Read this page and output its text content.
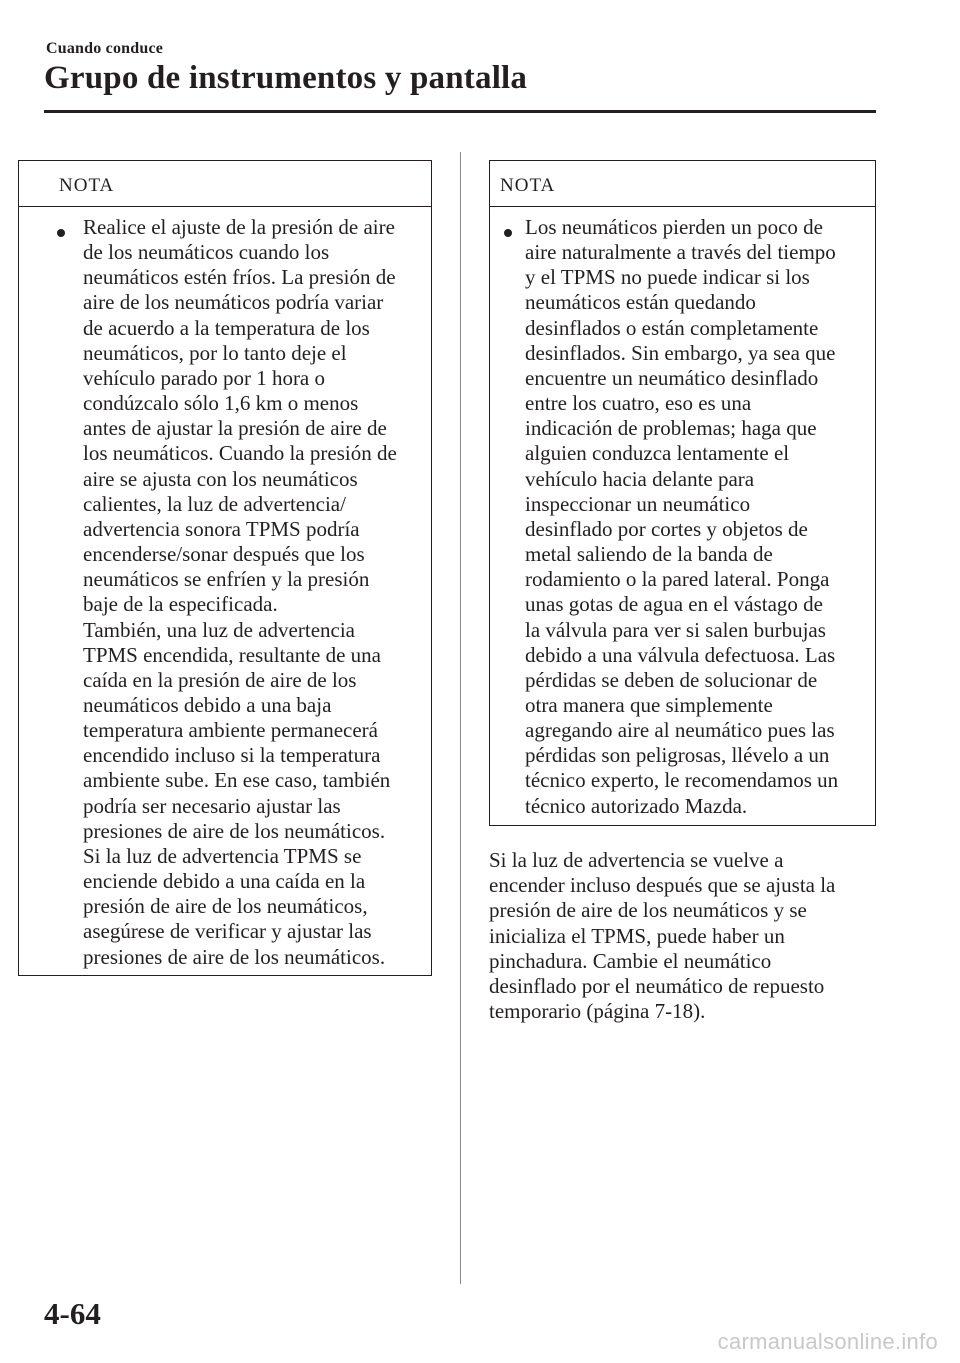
Cuando conduce
Grupo de instrumentos y pantalla
NOTA
Realice el ajuste de la presión de aire
de los neumáticos cuando los
neumáticos estén fríos. La presión de
aire de los neumáticos podría variar
de acuerdo a la temperatura de los
neumáticos, por lo tanto deje el
vehículo parado por 1 hora o
condúzcalo sólo 1,6 km o menos
antes de ajustar la presión de aire de
los neumáticos. Cuando la presión de
aire se ajusta con los neumáticos
calientes, la luz de advertencia/
advertencia sonora TPMS podría
encenderse/sonar después que los
neumáticos se enfríen y la presión
baje de la especificada.
También, una luz de advertencia
TPMS encendida, resultante de una
caída en la presión de aire de los
neumáticos debido a una baja
temperatura ambiente permanecerá
encendido incluso si la temperatura
ambiente sube. En ese caso, también
podría ser necesario ajustar las
presiones de aire de los neumáticos.
Si la luz de advertencia TPMS se
enciende debido a una caída en la
presión de aire de los neumáticos,
asegúrese de verificar y ajustar las
presiones de aire de los neumáticos.
NOTA
Los neumáticos pierden un poco de
aire naturalmente a través del tiempo
y el TPMS no puede indicar si los
neumáticos están quedando
desinflados o están completamente
desinflados. Sin embargo, ya sea que
encuentre un neumático desinflado
entre los cuatro, eso es una
indicación de problemas; haga que
alguien conduzca lentamente el
vehículo hacia delante para
inspeccionar un neumático
desinflado por cortes y objetos de
metal saliendo de la banda de
rodamiento o la pared lateral. Ponga
unas gotas de agua en el vástago de
la válvula para ver si salen burbujas
debido a una válvula defectuosa. Las
pérdidas se deben de solucionar de
otra manera que simplemente
agregando aire al neumático pues las
pérdidas son peligrosas, llévelo a un
técnico experto, le recomendamos un
técnico autorizado Mazda.
Si la luz de advertencia se vuelve a
encender incluso después que se ajusta la
presión de aire de los neumáticos y se
inicializa el TPMS, puede haber un
pinchadura. Cambie el neumático
desinflado por el neumático de repuesto
temporario (página 7-18).
4-64
carmanualsonline.info
